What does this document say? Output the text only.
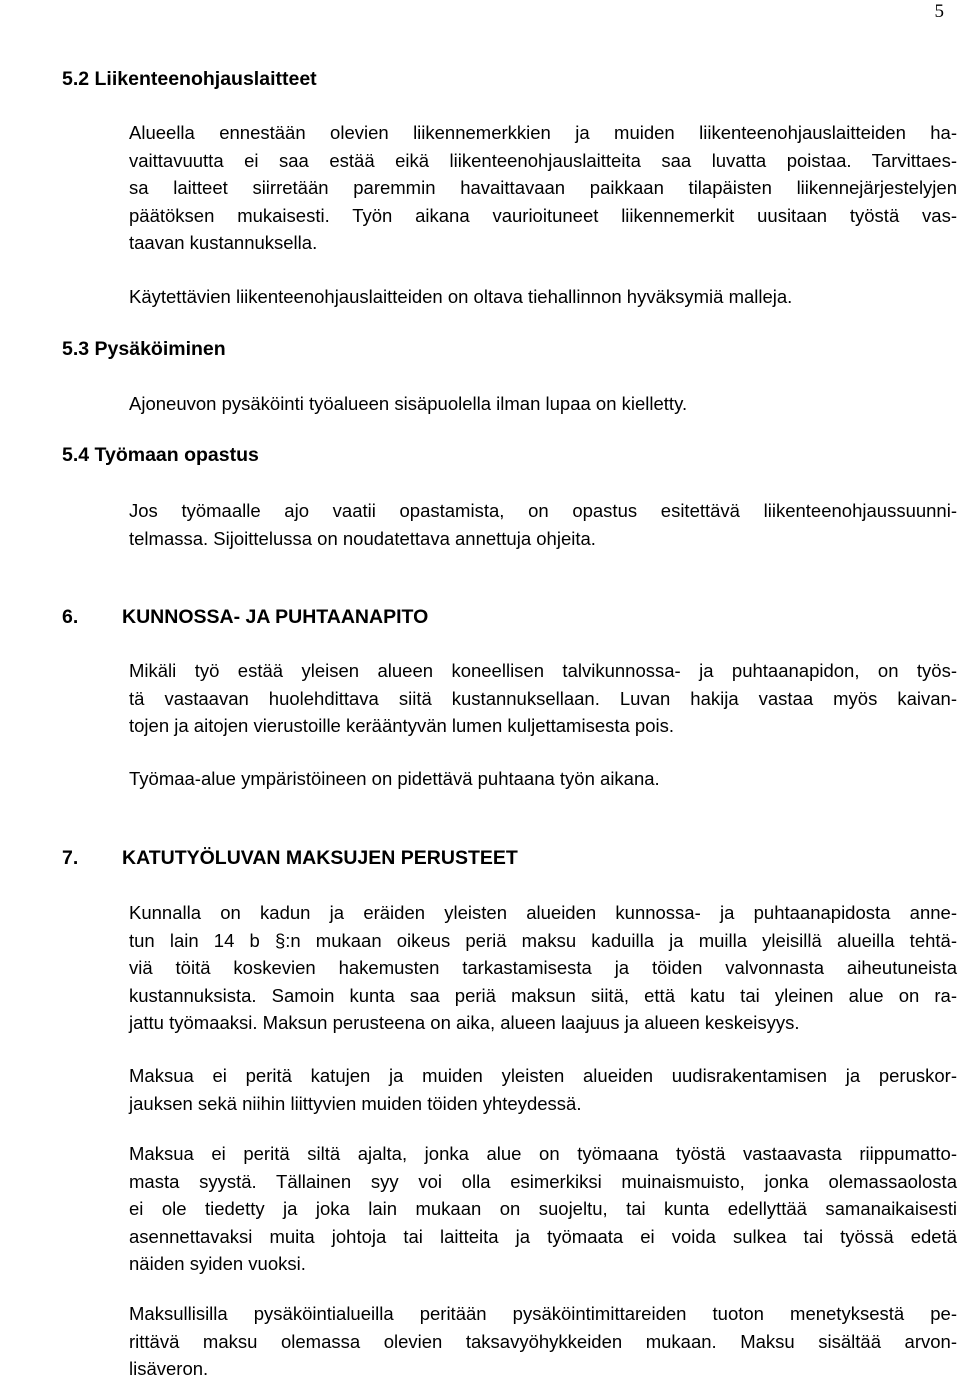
5
5.2 Liikenteenohjauslaitteet
Alueella ennestään olevien liikennemerkkien ja muiden liikenteenohjauslaitteiden ha-
vaittavuutta ei saa estää eikä liikenteenohjauslaitteita saa luvatta poistaa. Tarvittaes-
sa laitteet siirretään paremmin havaittavaan paikkaan tilapäisten liikennejärjestelyjen
päätöksen mukaisesti. Työn aikana vaurioituneet liikennemerkit uusitaan työstä vas-
taavan kustannuksella.
Käytettävien liikenteenohjauslaitteiden on oltava tiehallinnon hyväksymiä malleja.
5.3 Pysäköiminen
Ajoneuvon pysäköinti työalueen sisäpuolella ilman lupaa on kielletty.
5.4 Työmaan opastus
Jos työmaalle ajo vaatii opastamista, on opastus esitettävä liikenteenohjaussuunni-
telmassa. Sijoittelussa on noudatettava annettuja ohjeita.
6. KUNNOSSA- JA PUHTAANAPITO
Mikäli työ estää yleisen alueen koneellisen talvikunnossa- ja puhtaanapidon, on työs-
tä vastaavan huolehdittava siitä kustannuksellaan. Luvan hakija vastaa myös kaivan-
tojen ja aitojen vierustoille kerääntyvän lumen kuljettamisesta pois.
Työmaa-alue ympäristöineen on pidettävä puhtaana työn aikana.
7. KATUTYÖLUVAN MAKSUJEN PERUSTEET
Kunnalla on kadun ja eräiden yleisten alueiden kunnossa- ja puhtaanapidosta anne-
tun lain 14 b §:n mukaan oikeus periä maksu kaduilla ja muilla yleisillä alueilla tehtä-
viä töitä koskevien hakemusten tarkastamisesta ja töiden valvonnasta aiheutuneista
kustannuksista. Samoin kunta saa periä maksun siitä, että katu tai yleinen alue on ra-
jattu työmaaksi. Maksun perusteena on aika, alueen laajuus ja alueen keskeisyys.
Maksua ei peritä katujen ja muiden yleisten alueiden uudisrakentamisen ja peruskor-
jauksen sekä niihin liittyvien muiden töiden yhteydessä.
Maksua ei peritä siltä ajalta, jonka alue on työmaana työstä vastaavasta riippumatto-
masta syystä. Tällainen syy voi olla esimerkiksi muinaismuisto, jonka olemassaolosta
ei ole tiedetty ja joka lain mukaan on suojeltu, tai kunta edellyttää samanaikaisesti
asennettavaksi muita johtoja tai laitteita ja työmaata ei voida sulkea tai työssä edetä
näiden syiden vuoksi.
Maksullisilla pysäköintialueilla peritään pysäköintimittareiden tuoton menetyksestä pe-
rittävä maksu olemassa olevien taksavyöhykkeiden mukaan. Maksu sisältää arvon-
lisäveron.
